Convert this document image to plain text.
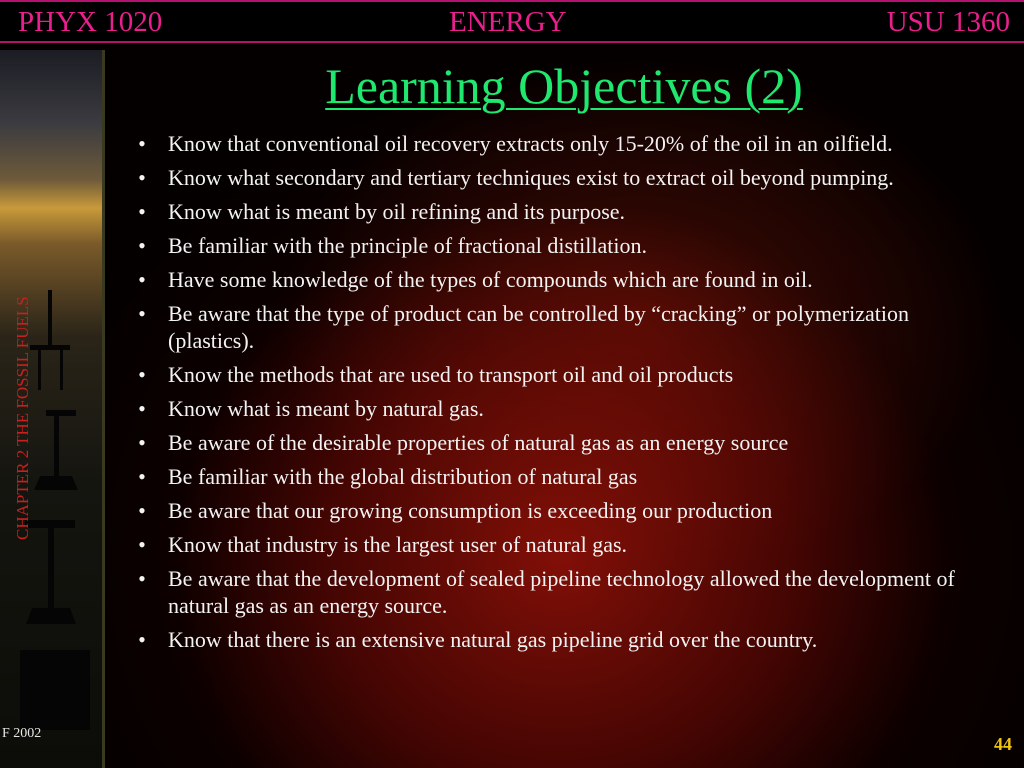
PHYX 1020	ENERGY	USU 1360
CHAPTER 2 THE FOSSIL FUELS
F 2002
Learning Objectives (2)
• Know that conventional oil recovery extracts only 15-20% of the oil in an oilfield.
• Know what secondary and tertiary techniques exist to extract oil beyond pumping.
• Know what is meant by oil refining and its purpose.
• Be familiar with the principle of fractional distillation.
• Have some knowledge of the types of compounds which are found in oil.
• Be aware that the type of product can be controlled by “cracking” or polymerization (plastics).
• Know the methods that are used to transport oil and oil products
• Know what is meant by natural gas.
• Be aware of the desirable properties of natural gas as an energy source
• Be familiar with the global distribution of natural gas
• Be aware that our growing consumption is exceeding our production
• Know that industry is the largest user of natural gas.
• Be aware that the development of sealed pipeline technology allowed the development of natural gas as an energy source.
• Know that there is an extensive natural gas pipeline grid over the country.
44
